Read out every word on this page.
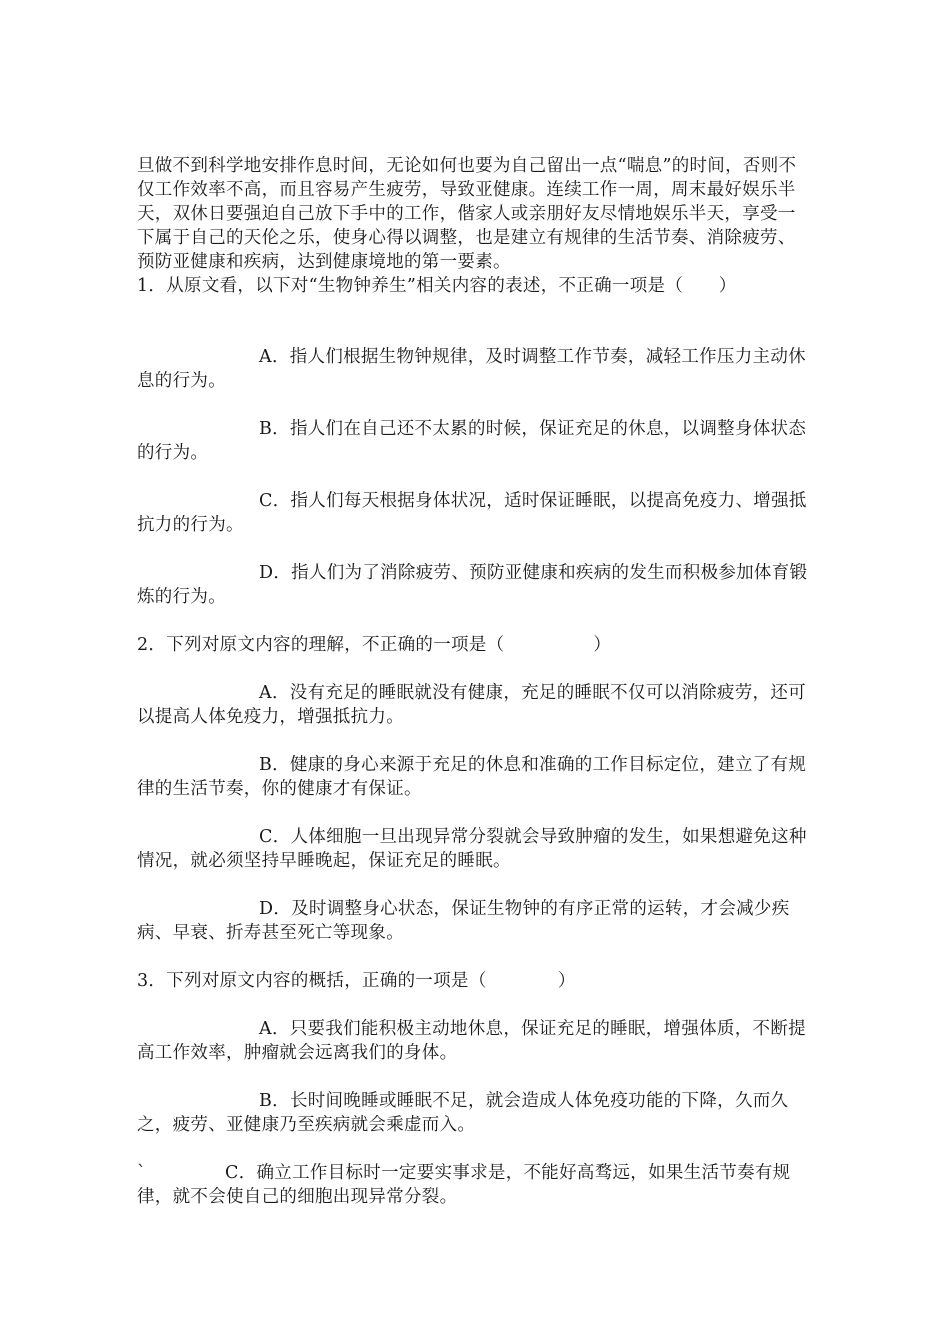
旦做不到科学地安排作息时间，无论如何也要为自己留出一点“喘息”的时间，否则不仅工作效率不高，而且容易产生疲劳，导致亚健康。连续工作一周，周末最好娱乐半天，双休日要强迫自己放下手中的工作，偕家人或亲朋好友尽情地娱乐半天，享受一下属于自己的天伦之乐，使身心得以调整，也是建立有规律的生活节奏、消除疲劳、预防亚健康和疾病，达到健康境地的第一要素。
1．从原文看，以下对“生物钟养生”相关内容的表述，不正确一项是（　　）
A．指人们根据生物钟规律，及时调整工作节奏，减轻工作压力主动休息的行为。
B．指人们在自己还不太累的时候，保证充足的休息，以调整身体状态的行为。
C．指人们每天根据身体状况，适时保证睡眠，以提高免疫力、增强抵抗力的行为。
D．指人们为了消除疲劳、预防亚健康和疾病的发生而积极参加体育锻炼的行为。
2．下列对原文内容的理解，不正确的一项是（　　　　　）
A．没有充足的睡眠就没有健康，充足的睡眠不仅可以消除疲劳，还可以提高人体免疫力，增强抵抗力。
B．健康的身心来源于充足的休息和准确的工作目标定位，建立了有规律的生活节奏，你的健康才有保证。
C．人体细胞一旦出现异常分裂就会导致肿瘤的发生，如果想避免这种情况，就必须坚持早睡晚起，保证充足的睡眠。
D．及时调整身心状态，保证生物钟的有序正常的运转，才会减少疾病、早衰、折寿甚至死亡等现象。
3．下列对原文内容的概括，正确的一项是（　　　　）
A．只要我们能积极主动地休息，保证充足的睡眠，增强体质，不断提高工作效率，肿瘤就会远离我们的身体。
B．长时间晚睡或睡眠不足，就会造成人体免疫功能的下降，久而久之，疲劳、亚健康乃至疾病就会乘虚而入。
`	C．确立工作目标时一定要实事求是，不能好高骛远，如果生活节奏有规律，就不会使自己的细胞出现异常分裂。
